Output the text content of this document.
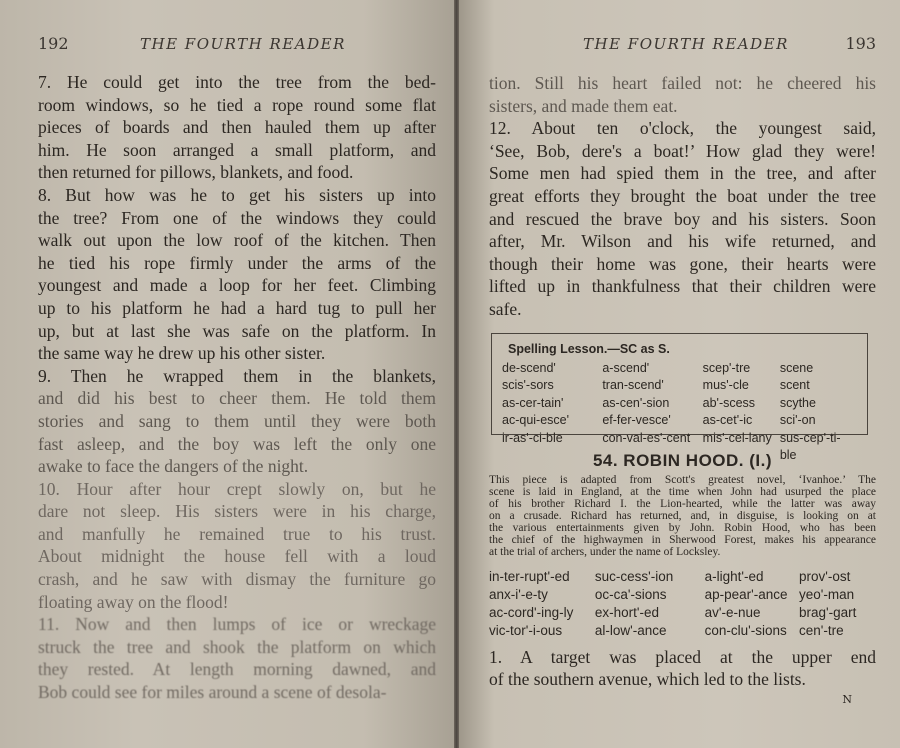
192	THE FOURTH READER
7. He could get into the tree from the bed-
room windows, so he tied a rope round some flat
pieces of boards and then hauled them up after
him. He soon arranged a small platform, and
then returned for pillows, blankets, and food.
8. But how was he to get his sisters up into
the tree? From one of the windows they could
walk out upon the low roof of the kitchen. Then
he tied his rope firmly under the arms of the
youngest and made a loop for her feet. Climbing
up to his platform he had a hard tug to pull her
up, but at last she was safe on the platform. In
the same way he drew up his other sister.
9. Then he wrapped them in the blankets,
and did his best to cheer them. He told them
stories and sang to them until they were both
fast asleep, and the boy was left the only one
awake to face the dangers of the night.
10. Hour after hour crept slowly on, but he
dare not sleep. His sisters were in his charge,
and manfully he remained true to his trust.
About midnight the house fell with a loud
crash, and he saw with dismay the furniture go
floating away on the flood!
11. Now and then lumps of ice or wreckage
struck the tree and shook the platform on which
they rested. At length morning dawned, and
Bob could see for miles around a scene of desola-
THE FOURTH READER	193
tion. Still his heart failed not: he cheered his
sisters, and made them eat.
12. About ten o'clock, the youngest said,
‘See, Bob, dere's a boat!’ How glad they were!
Some men had spied them in the tree, and after
great efforts they brought the boat under the tree
and rescued the brave boy and his sisters. Soon
after, Mr. Wilson and his wife returned, and
though their home was gone, their hearts were
lifted up in thankfulness that their children were
safe.
Spelling Lesson.—SC as S.
de-scend'	a-scend'	scep'-tre	scene
scis'-sors	tran-scend'	mus'-cle	scent
as-cer-tain'	as-cen'-sion	ab'-scess	scythe
ac-qui-esce'	ef-fer-vesce'	as-cet'-ic	sci'-on
ir-as'-ci-ble	con-val-es'-cent mis'-cel-lany sus-cep'-ti-ble
54. ROBIN HOOD. (I.)
This piece is adapted from Scott's greatest novel, ‘Ivanhoe.’ The
scene is laid in England, at the time when John had usurped the place
of his brother Richard I. the Lion-hearted, while the latter was away
on a crusade. Richard has returned, and, in disguise, is looking on at
the various entertainments given by John. Robin Hood, who has been
the chief of the highwaymen in Sherwood Forest, makes his appearance
at the trial of archers, under the name of Locksley.
in-ter-rupt'-ed	suc-cess'-ion	a-light'-ed	prov'-ost
anx-i'-e-ty	oc-ca'-sions	ap-pear'-ance yeo'-man
ac-cord'-ing-ly	ex-hort'-ed	av'-e-nue	brag'-gart
vic-tor'-i-ous	al-low'-ance	con-clu'-sions cen'-tre
1. A target was placed at the upper end
of the southern avenue, which led to the lists.
N
